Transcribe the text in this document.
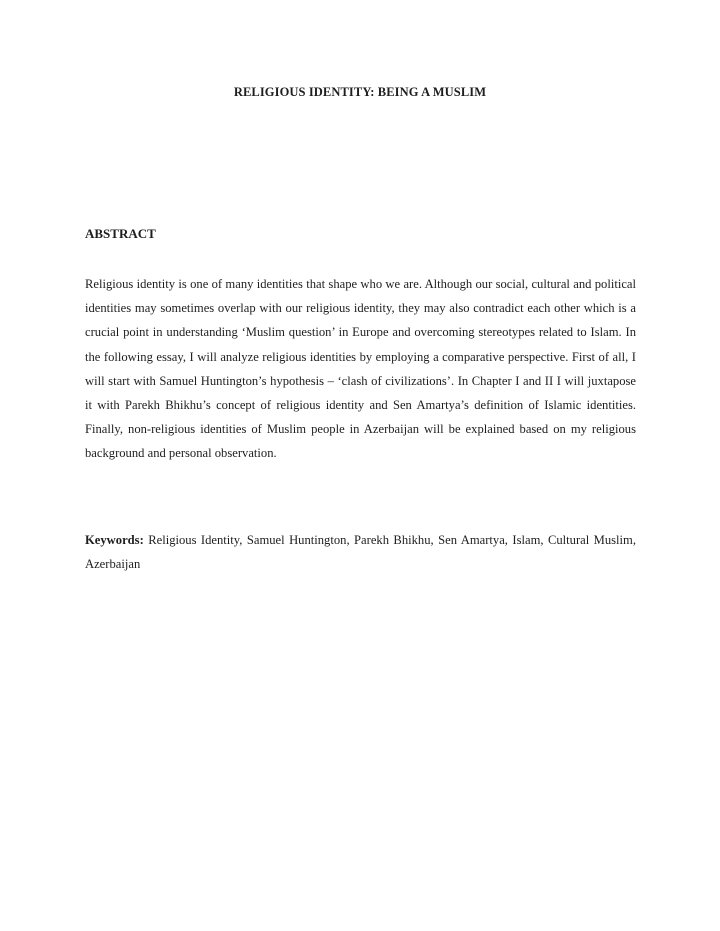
RELIGIOUS IDENTITY: BEING A MUSLIM
ABSTRACT

Religious identity is one of many identities that shape who we are. Although our social, cultural and political identities may sometimes overlap with our religious identity, they may also contradict each other which is a crucial point in understanding ‘Muslim question’ in Europe and overcoming stereotypes related to Islam. In the following essay, I will analyze religious identities by employing a comparative perspective. First of all, I will start with Samuel Huntington’s hypothesis – ‘clash of civilizations’. In Chapter I and II I will juxtapose it with Parekh Bhikhu’s concept of religious identity and Sen Amartya’s definition of Islamic identities. Finally, non-religious identities of Muslim people in Azerbaijan will be explained based on my religious background and personal observation.

Keywords: Religious Identity, Samuel Huntington, Parekh Bhikhu, Sen Amartya, Islam, Cultural Muslim, Azerbaijan
